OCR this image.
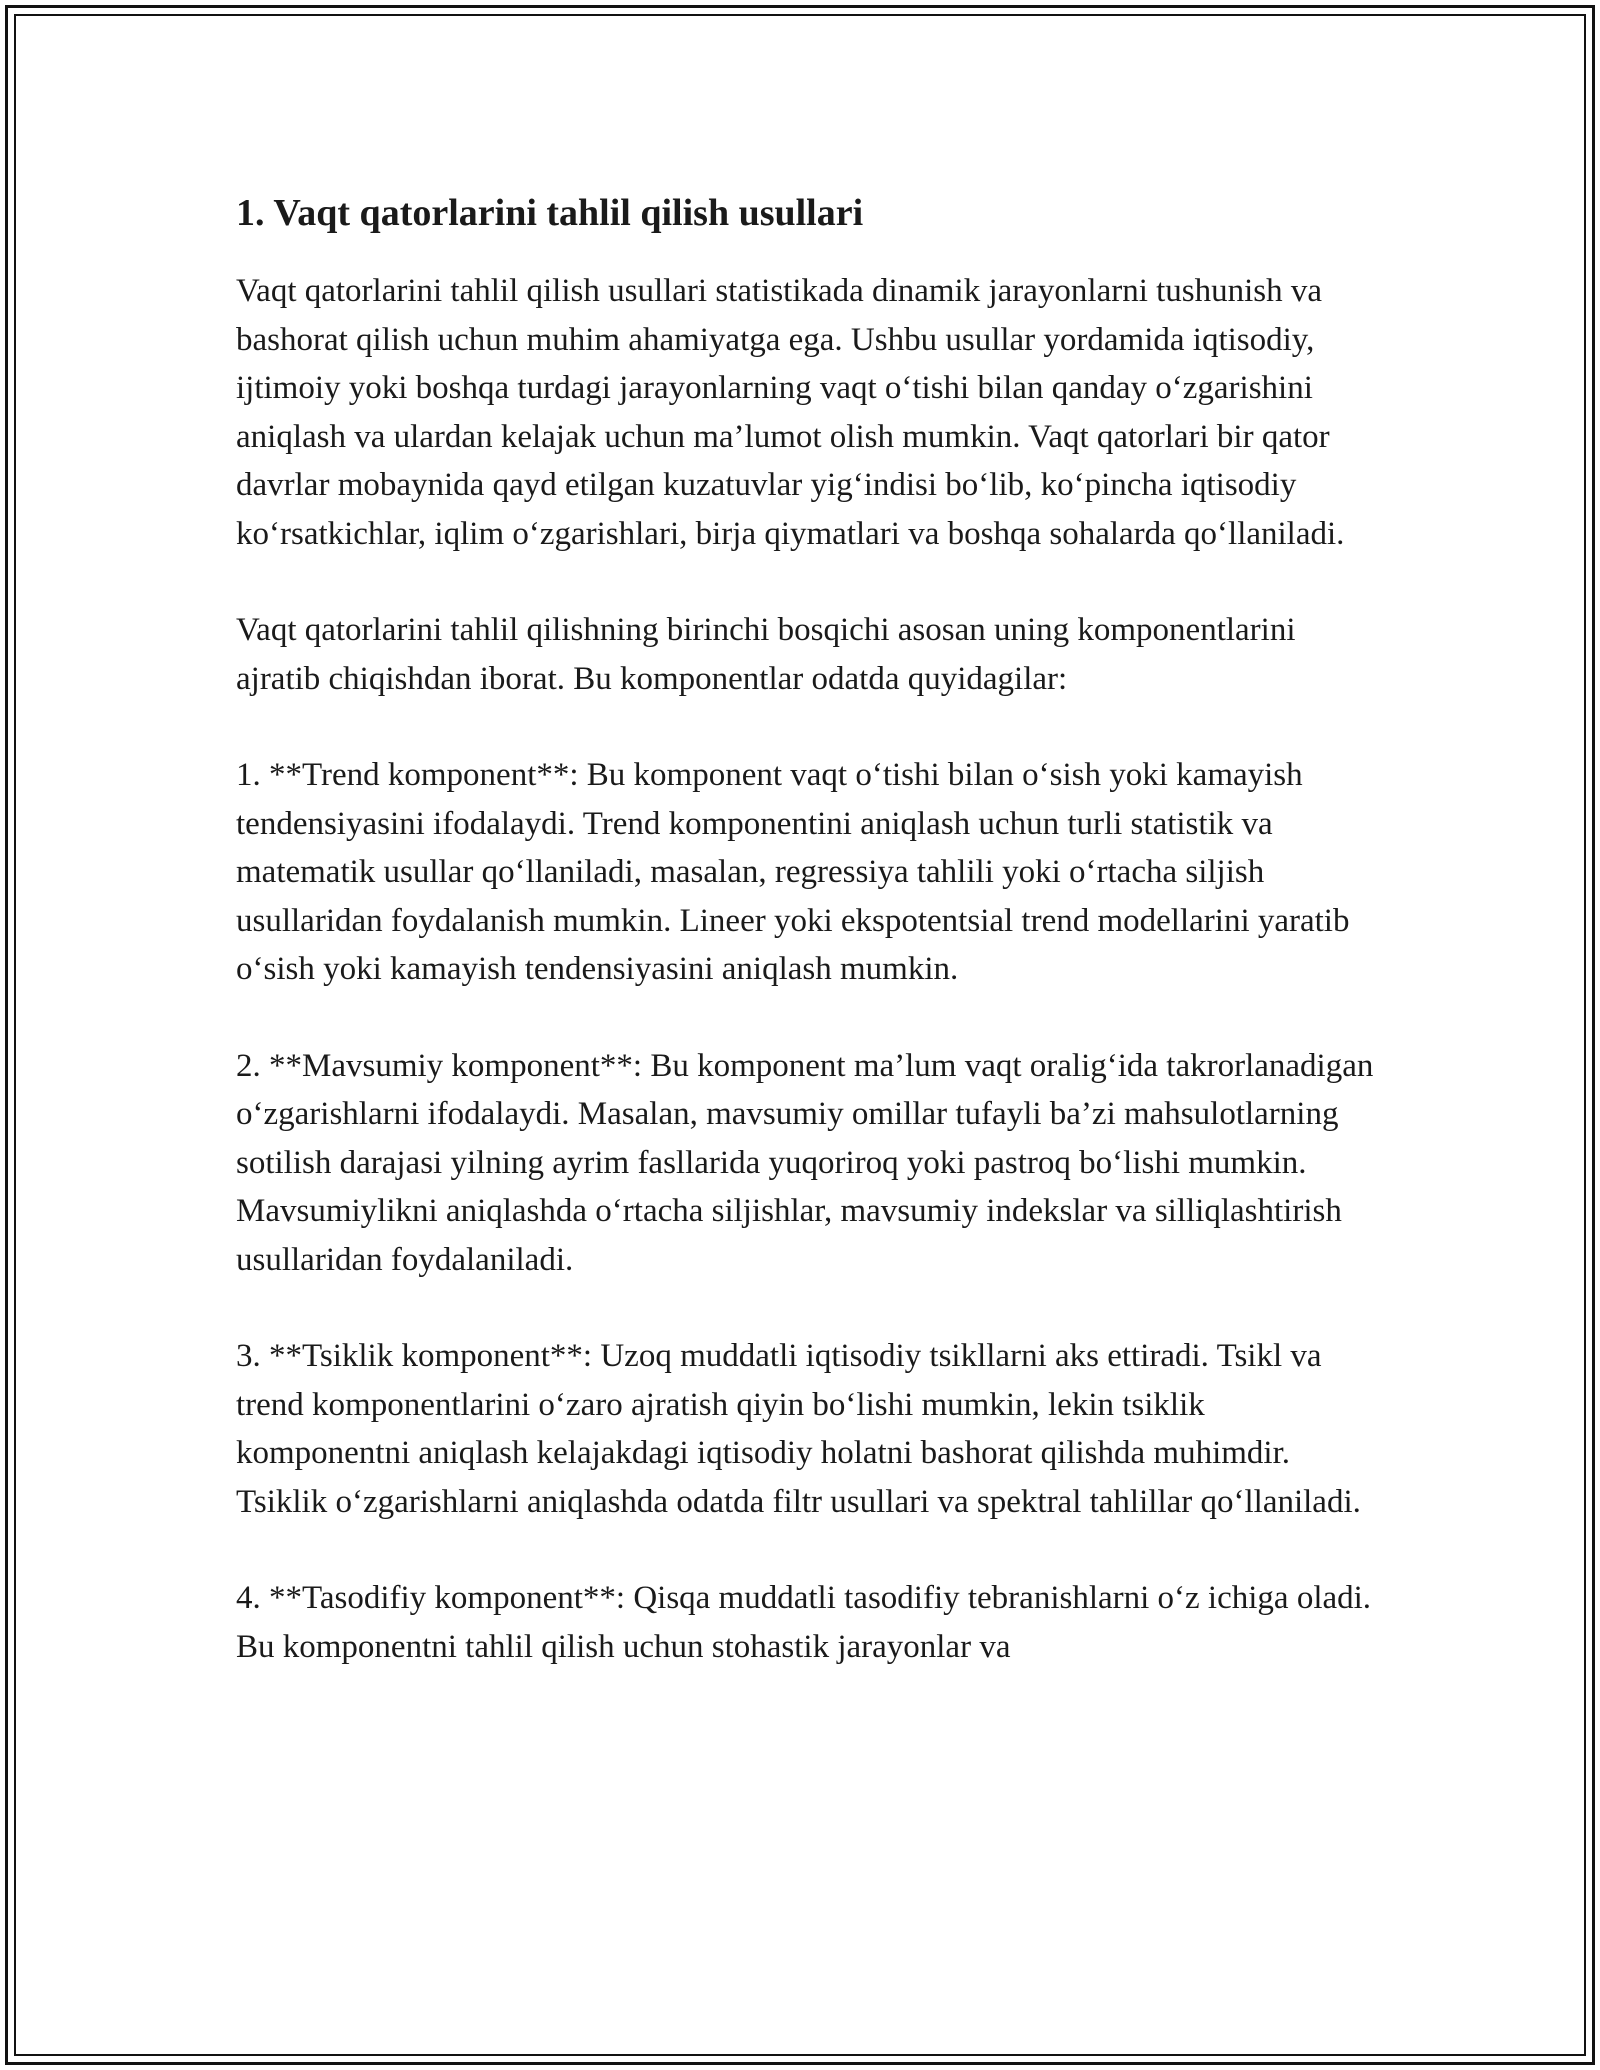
1. Vaqt qatorlarini tahlil qilish usullari

Vaqt qatorlarini tahlil qilish usullari statistikada dinamik jarayonlarni tushunish va bashorat qilish uchun muhim ahamiyatga ega. Ushbu usullar yordamida iqtisodiy, ijtimoiy yoki boshqa turdagi jarayonlarning vaqt o‘tishi bilan qanday o‘zgarishini aniqlash va ulardan kelajak uchun ma’lumot olish mumkin. Vaqt qatorlari bir qator davrlar mobaynida qayd etilgan kuzatuvlar yig‘indisi bo‘lib, ko‘pincha iqtisodiy ko‘rsatkichlar, iqlim o‘zgarishlari, birja qiymatlari va boshqa sohalarda qo‘llaniladi.

Vaqt qatorlarini tahlil qilishning birinchi bosqichi asosan uning komponentlarini ajratib chiqishdan iborat. Bu komponentlar odatda quyidagilar:

1. **Trend komponent**: Bu komponent vaqt o‘tishi bilan o‘sish yoki kamayish tendensiyasini ifodalaydi. Trend komponentini aniqlash uchun turli statistik va matematik usullar qo‘llaniladi, masalan, regressiya tahlili yoki o‘rtacha siljish usullaridan foydalanish mumkin. Lineer yoki ekspotentsial trend modellarini yaratib o‘sish yoki kamayish tendensiyasini aniqlash mumkin.

2. **Mavsumiy komponent**: Bu komponent ma’lum vaqt oralig‘ida takrorlanadigan o‘zgarishlarni ifodalaydi. Masalan, mavsumiy omillar tufayli ba’zi mahsulotlarning sotilish darajasi yilning ayrim fasllarida yuqoriroq yoki pastroq bo‘lishi mumkin. Mavsumiylikni aniqlashda o‘rtacha siljishlar, mavsumiy indekslar va silliqlashtirish usullaridan foydalaniladi.

3. **Tsiklik komponent**: Uzoq muddatli iqtisodiy tsikllarni aks ettiradi. Tsikl va trend komponentlarini o‘zaro ajratish qiyin bo‘lishi mumkin, lekin tsiklik komponentni aniqlash kelajakdagi iqtisodiy holatni bashorat qilishda muhimdir. Tsiklik o‘zgarishlarni aniqlashda odatda filtr usullari va spektral tahlillar qo‘llaniladi.

4. **Tasodifiy komponent**: Qisqa muddatli tasodifiy tebranishlarni o‘z ichiga oladi. Bu komponentni tahlil qilish uchun stohastik jarayonlar va
